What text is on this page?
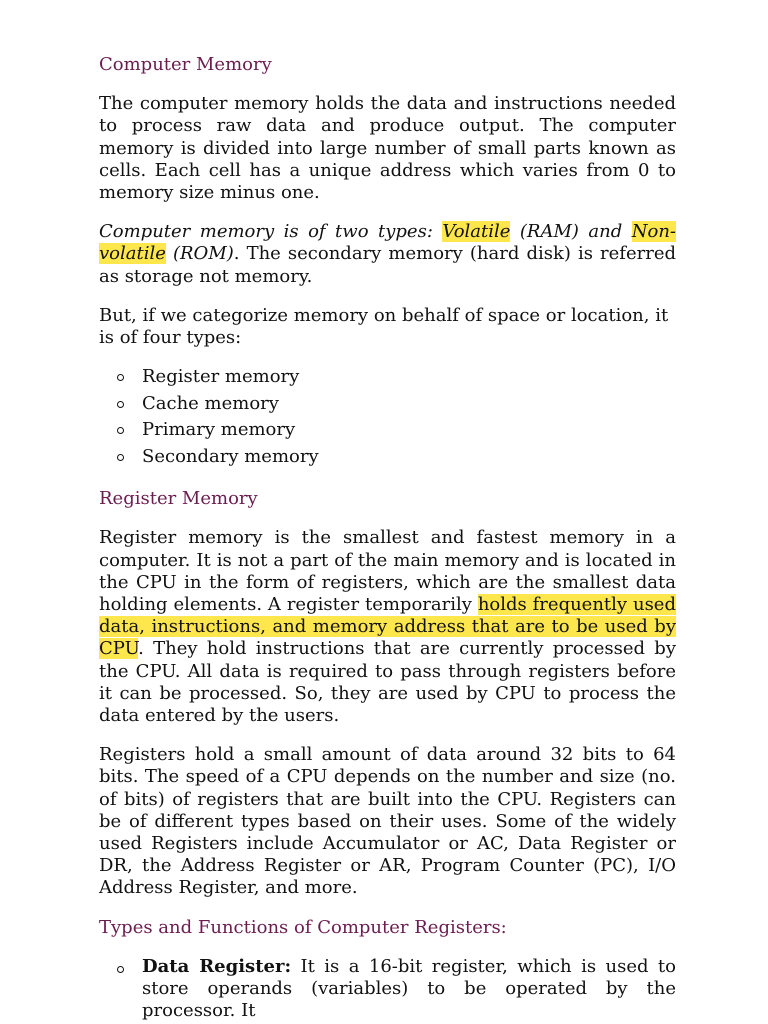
Computer Memory

The computer memory holds the data and instructions needed to process raw data and produce output. The computer memory is divided into large number of small parts known as cells. Each cell has a unique address which varies from 0 to memory size minus one.

Computer memory is of two types: Volatile (RAM) and Non-volatile (ROM). The secondary memory (hard disk) is referred as storage not memory.

But, if we categorize memory on behalf of space or location, it is of four types:

Register memory
Cache memory
Primary memory
Secondary memory
Register Memory

Register memory is the smallest and fastest memory in a computer. It is not a part of the main memory and is located in the CPU in the form of registers, which are the smallest data holding elements. A register temporarily holds frequently used data, instructions, and memory address that are to be used by CPU. They hold instructions that are currently processed by the CPU. All data is required to pass through registers before it can be processed. So, they are used by CPU to process the data entered by the users.

Registers hold a small amount of data around 32 bits to 64 bits. The speed of a CPU depends on the number and size (no. of bits) of registers that are built into the CPU. Registers can be of different types based on their uses. Some of the widely used Registers include Accumulator or AC, Data Register or DR, the Address Register or AR, Program Counter (PC), I/O Address Register, and more.

Types and Functions of Computer Registers:
Data Register: It is a 16-bit register, which is used to store operands (variables) to be operated by the processor. It
